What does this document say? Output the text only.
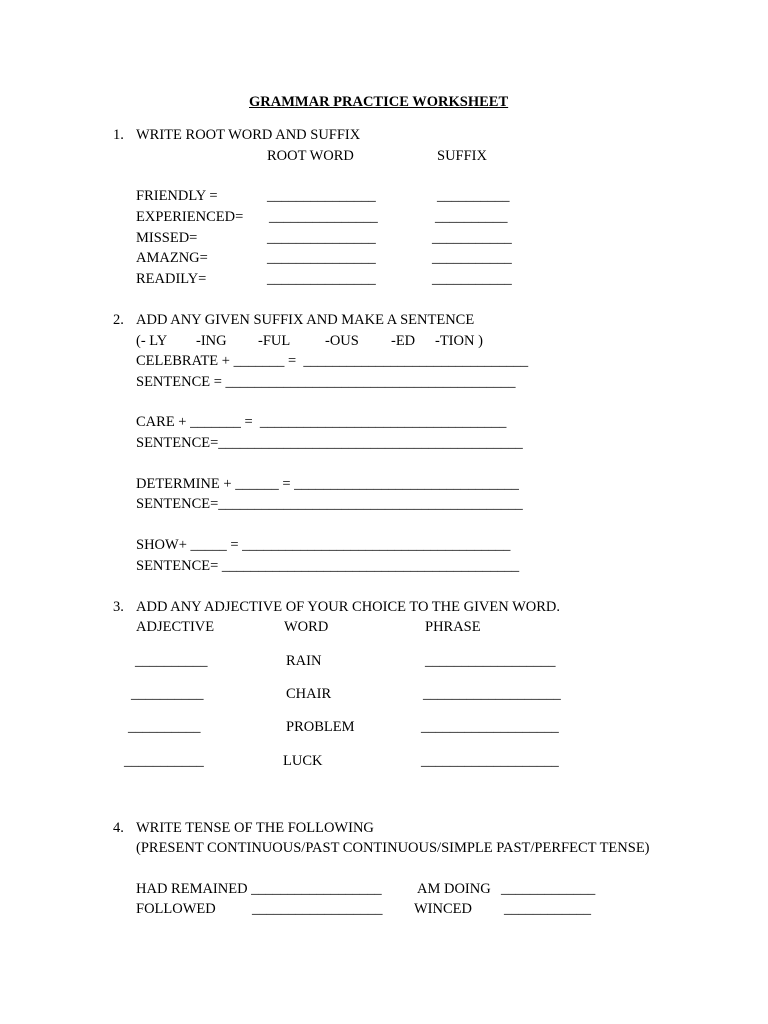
GRAMMAR PRACTICE WORKSHEET
1. WRITE ROOT WORD AND SUFFIX
ROOT WORD	SUFFIX
FRIENDLY =	_______________	__________
EXPERIENCED= _______________	__________
MISSED=	_______________	___________
AMAZNG=	_______________	___________
READILY=	_______________	___________
2. ADD ANY GIVEN SUFFIX AND MAKE A SENTENCE
(- LY -ING -FUL -OUS -ED -TION )
CELEBRATE + _______ =  _______________________________
SENTENCE = ________________________________________
CARE + _______ =  __________________________________
SENTENCE=__________________________________________
DETERMINE + ______ = _______________________________
SENTENCE=__________________________________________
SHOW+ _____ = _____________________________________
SENTENCE= _________________________________________
3. ADD ANY ADJECTIVE OF YOUR CHOICE TO THE GIVEN WORD.
ADJECTIVE	WORD	PHRASE
__________	RAIN	__________________
__________	CHAIR	___________________
__________	PROBLEM	___________________
___________	LUCK	___________________
4. WRITE TENSE OF THE FOLLOWING
(PRESENT CONTINUOUS/PAST CONTINUOUS/SIMPLE PAST/PERFECT TENSE)
HAD REMAINED __________________ AM DOING _____________
FOLLOWED	__________________ WINCED ____________
